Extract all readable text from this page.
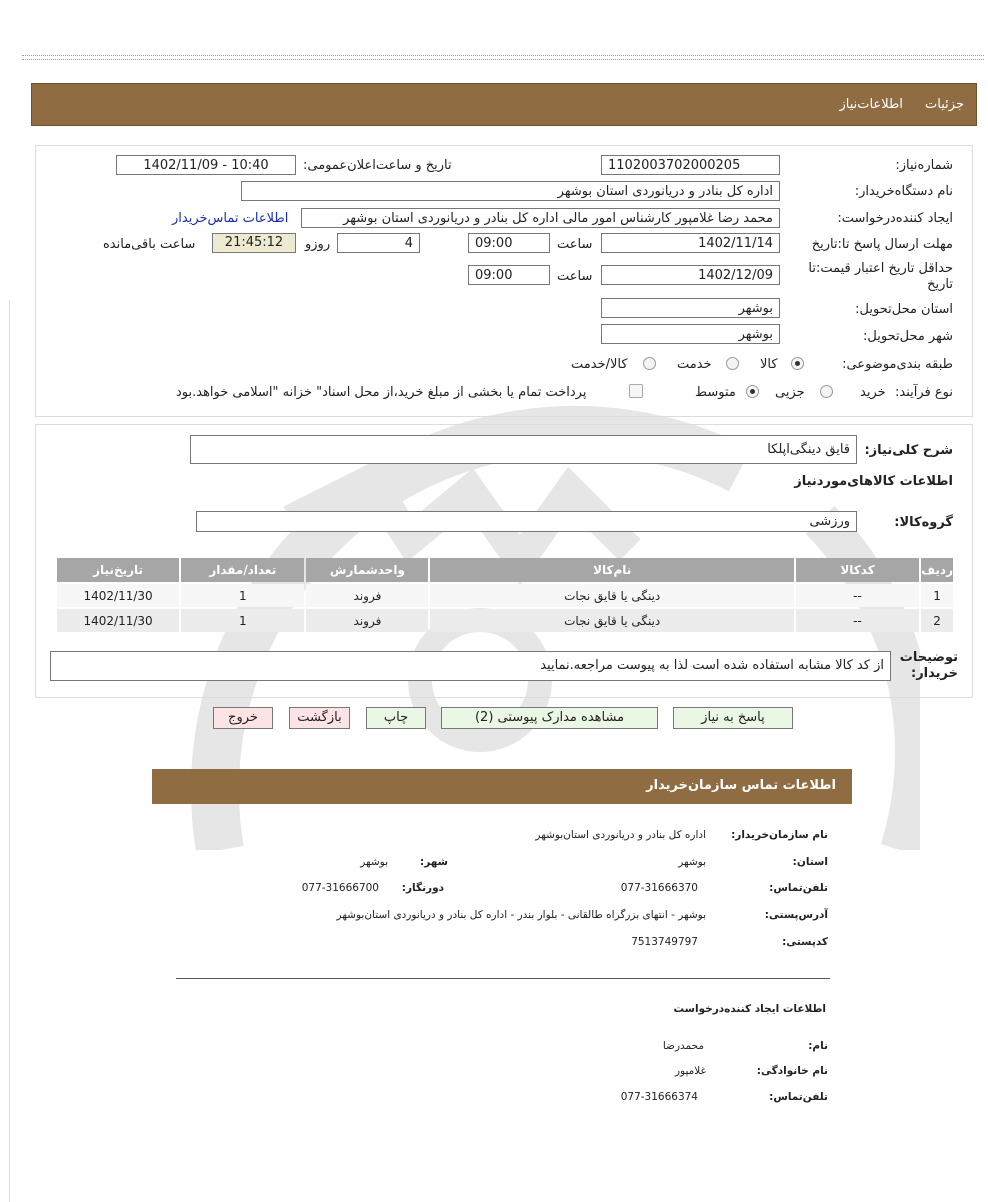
جزئیات اطلاعات‌نیاز
شماره‌نیاز:
1102003702000205
تاریخ و ساعت‌اعلان‌عمومی:
1402/11/09 - 10:40
نام دستگاه‌خریدار:
اداره کل بنادر و دریانوردی استان بوشهر
ایجاد کننده‌درخواست:
محمد رضا غلامپور کارشناس امور مالی اداره کل بنادر و دریانوردی استان بوشهر
اطلاعات تماس‌خریدار
مهلت ارسال پاسخ تا:تاریخ
1402/11/14
ساعت
09:00
4
روزو
21:45:12
ساعت باقی‌مانده
حداقل تاریخ اعتبار قیمت:تا تاریخ
1402/12/09
ساعت
09:00
استان محل‌تحویل:
بوشهر
شهر محل‌تحویل:
بوشهر
طبقه بندی‌موضوعی:
کالا
خدمت
کالا/خدمت
نوع فرآیند:
خرید
جزیی
متوسط
پرداخت تمام یا بخشی از مبلغ خرید،از محل اسناد" خزانه "اسلامی خواهد.بود
شرح کلی‌نیاز:
قایق دینگی‌اپلکا
اطلاعات کالاهای‌موردنیاز
گروه‌کالا:
ورزشی
ردیف	کدکالا	نام‌کالا	واحدشمارش	تعداد/مقدار	تاریخ‌نیاز
1	--	دینگی یا قایق نجات	فروند	1	1402/11/30
2	--	دینگی یا قایق نجات	فروند	1	1402/11/30
توضیحات خریدار:
از کد کالا مشابه استفاده شده است لذا به پیوست مراجعه.نمایید
پاسخ به نیاز
مشاهده مدارک پیوستی (2)
چاپ
بازگشت
خروج
اطلاعات تماس سازمان‌خریدار
نام سازمان‌خریدار:
اداره کل بنادر و دریانوردی استان‌بوشهر
استان:
بوشهر
شهر:
بوشهر
تلفن‌تماس:
077-31666370
دورنگار:
077-31666700
آدرس‌پستی:
بوشهر - انتهای بزرگراه طالقانی - بلوار بندر - اداره کل بنادر و دریانوردی استان‌بوشهر
کد‌پستی:
7513749797
اطلاعات ایجاد کننده‌درخواست
نام:
محمدرضا
نام خانوادگی:
غلامپور
تلفن‌تماس:
077-31666374
